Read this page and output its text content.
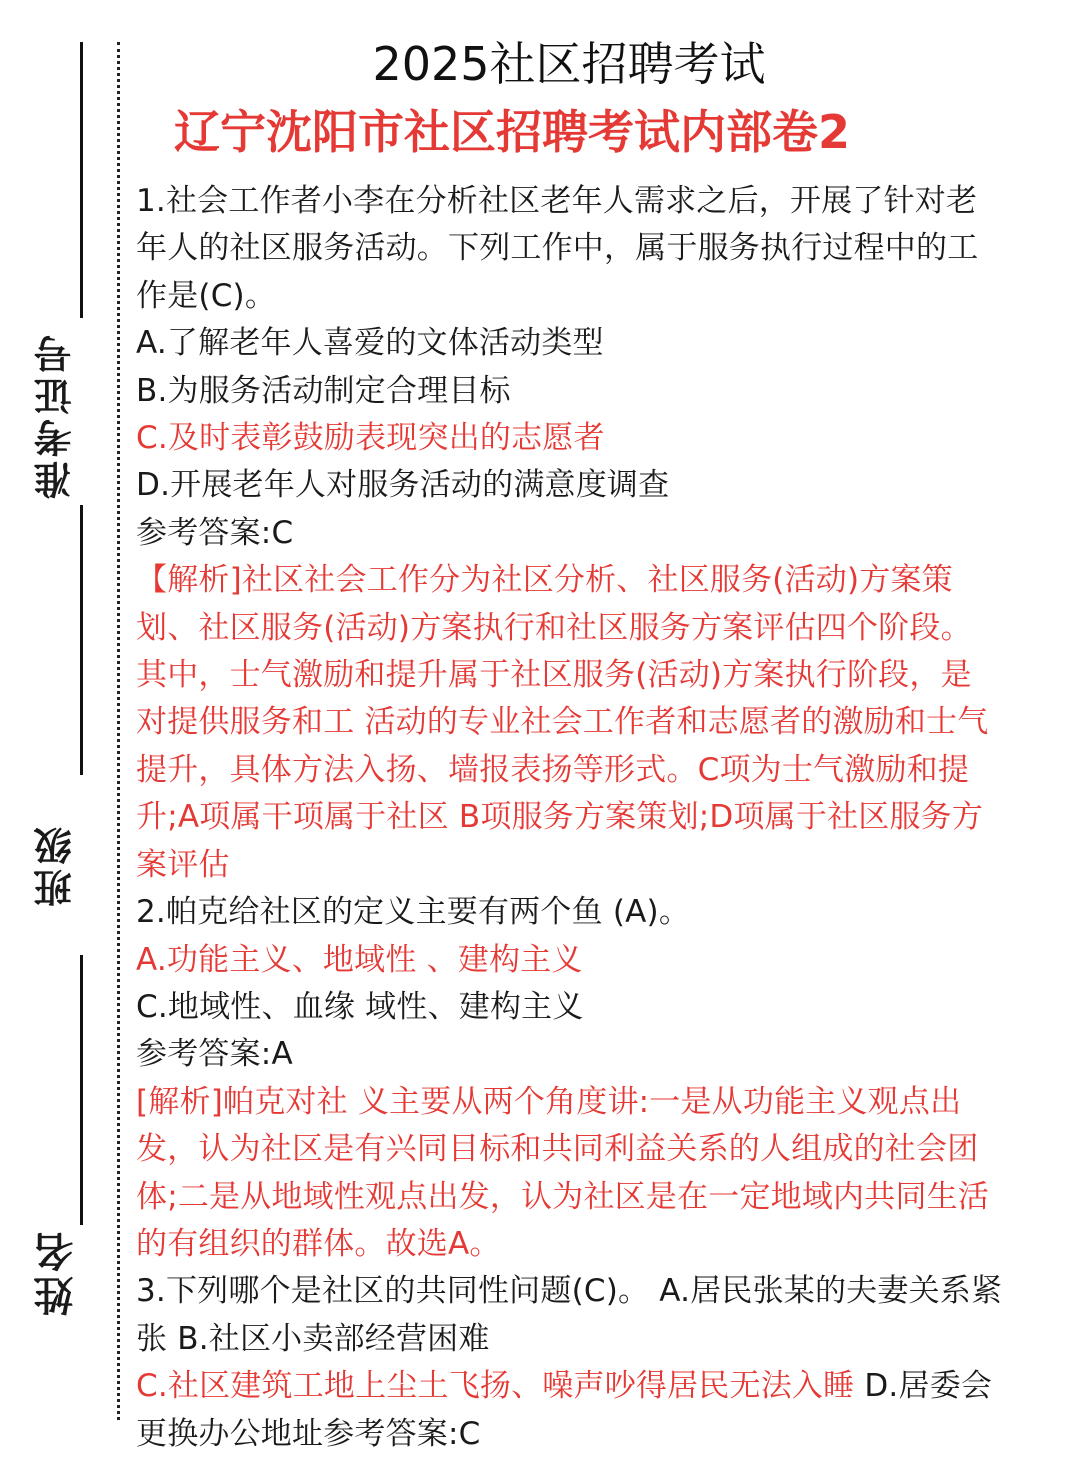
准考证号
班级
姓名
2025社区招聘考试
辽宁沈阳市社区招聘考试内部卷2
1.社会工作者小李在分析社区老年人需求之后，开展了针对老
年人的社区服务活动。下列工作中，属于服务执行过程中的工
作是(C)。
A.了解老年人喜爱的文体活动类型
B.为服务活动制定合理目标
C.及时表彰鼓励表现突出的志愿者
D.开展老年人对服务活动的满意度调查
参考答案:C
【解析]社区社会工作分为社区分析、社区服务(活动)方案策
划、社区服务(活动)方案执行和社区服务方案评估四个阶段。
其中，士气激励和提升属于社区服务(活动)方案执行阶段，是
对提供服务和工 活动的专业社会工作者和志愿者的激励和士气
提升，具体方法入扬、墙报表扬等形式。C项为士气激励和提
升;A项属干项属于社区 B项服务方案策划;D项属于社区服务方
案评估
2.帕克给社区的定义主要有两个鱼 (A)。
A.功能主义、地域性 、建构主义
C.地域性、血缘 域性、建构主义
参考答案:A
[解析]帕克对社 义主要从两个角度讲:一是从功能主义观点出
发，认为社区是有兴同目标和共同利益关系的人组成的社会团
体;二是从地域性观点出发，认为社区是在一定地域内共同生活
的有组织的群体。故选A。
3.下列哪个是社区的共同性问题(C)。 A.居民张某的夫妻关系紧
张 B.社区小卖部经营困难
C.社区建筑工地上尘土飞扬、噪声吵得居民无法入睡 D.居委会
更换办公地址参考答案:C
